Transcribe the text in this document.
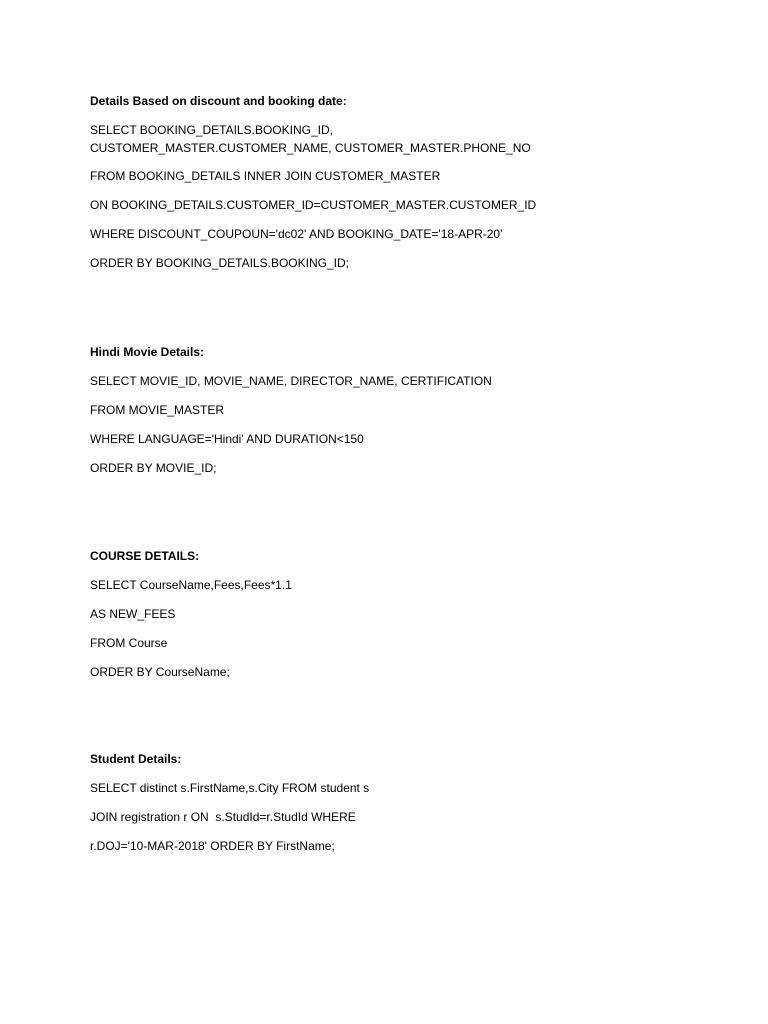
Details Based on discount and booking date:
SELECT BOOKING_DETAILS.BOOKING_ID, CUSTOMER_MASTER.CUSTOMER_NAME, CUSTOMER_MASTER.PHONE_NO
FROM BOOKING_DETAILS INNER JOIN CUSTOMER_MASTER
ON BOOKING_DETAILS.CUSTOMER_ID=CUSTOMER_MASTER.CUSTOMER_ID
WHERE DISCOUNT_COUPOUN='dc02' AND BOOKING_DATE='18-APR-20'
ORDER BY BOOKING_DETAILS.BOOKING_ID;
Hindi Movie Details:
SELECT MOVIE_ID, MOVIE_NAME, DIRECTOR_NAME, CERTIFICATION
FROM MOVIE_MASTER
WHERE LANGUAGE='Hindi' AND DURATION<150
ORDER BY MOVIE_ID;
COURSE DETAILS:
SELECT CourseName,Fees,Fees*1.1
AS NEW_FEES
FROM Course
ORDER BY CourseName;
Student Details:
SELECT distinct s.FirstName,s.City FROM student s
JOIN registration r ON  s.StudId=r.StudId WHERE
r.DOJ='10-MAR-2018' ORDER BY FirstName;
